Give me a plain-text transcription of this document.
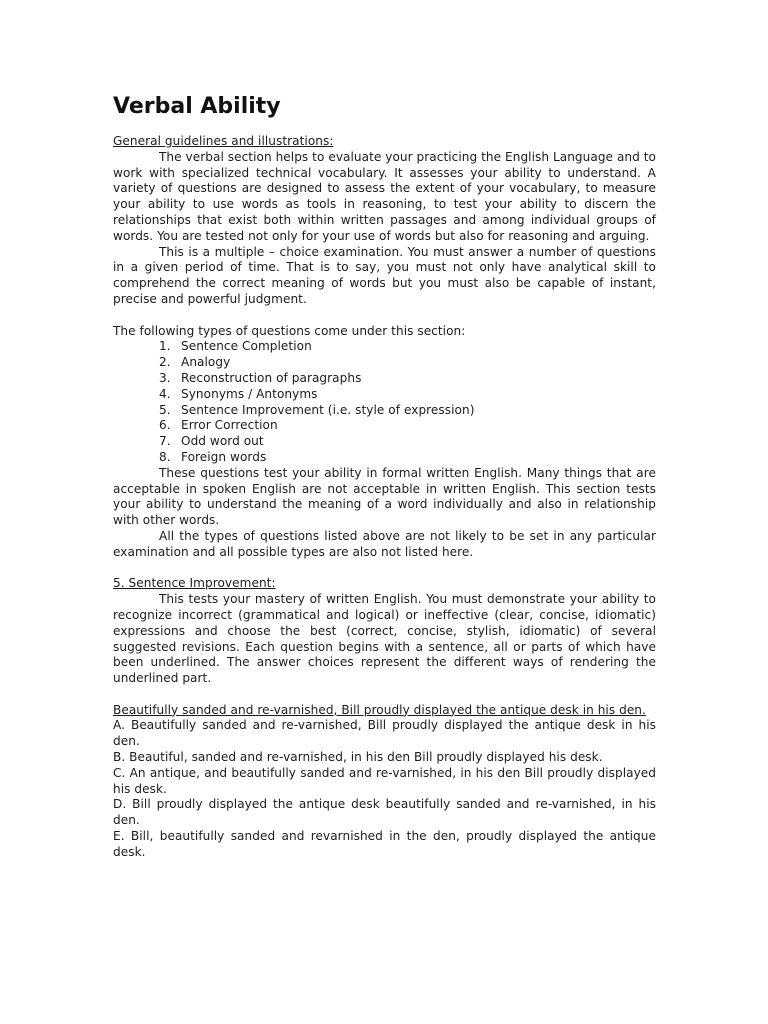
Verbal Ability

General guidelines and illustrations:

The verbal section helps to evaluate your practicing the English Language and to work with specialized technical vocabulary. It assesses your ability to understand. A variety of questions are designed to assess the extent of your vocabulary, to measure your ability to use words as tools in reasoning, to test your ability to discern the relationships that exist both within written passages and among individual groups of words. You are tested not only for your use of words but also for reasoning and arguing.

This is a multiple – choice examination. You must answer a number of questions in a given period of time. That is to say, you must not only have analytical skill to comprehend the correct meaning of words but you must also be capable of instant, precise and powerful judgment.

The following types of questions come under this section:

1. Sentence Completion
2. Analogy
3. Reconstruction of paragraphs
4. Synonyms / Antonyms
5. Sentence Improvement (i.e. style of expression)
6. Error Correction
7. Odd word out
8. Foreign words

These questions test your ability in formal written English. Many things that are acceptable in spoken English are not acceptable in written English. This section tests your ability to understand the meaning of a word individually and also in relationship with other words.

All the types of questions listed above are not likely to be set in any particular examination and all possible types are also not listed here.

5. Sentence Improvement:

This tests your mastery of written English. You must demonstrate your ability to recognize incorrect (grammatical and logical) or ineffective (clear, concise, idiomatic) expressions and choose the best (correct, concise, stylish, idiomatic) of several suggested revisions. Each question begins with a sentence, all or parts of which have been underlined. The answer choices represent the different ways of rendering the underlined part.

Beautifully sanded and re-varnished, Bill proudly displayed the antique desk in his den.

A. Beautifully sanded and re-varnished, Bill proudly displayed the antique desk in his den.

B. Beautiful, sanded and re-varnished, in his den Bill proudly displayed his desk.

C. An antique, and beautifully sanded and re-varnished, in his den Bill proudly displayed his desk.

D. Bill proudly displayed the antique desk beautifully sanded and re-varnished, in his den.

E. Bill, beautifully sanded and revarnished in the den, proudly displayed the antique desk.
